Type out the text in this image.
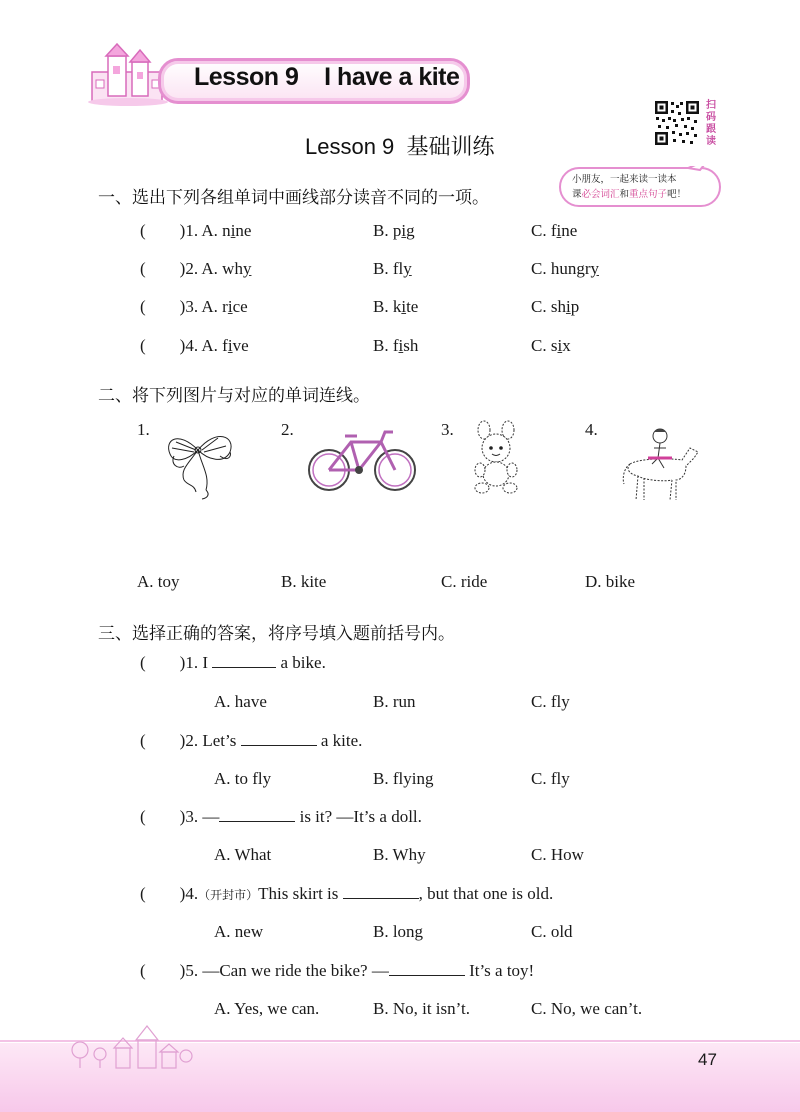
Lesson 9    I have a kite
Lesson 9  基础训练
扫码跟读
小朋友，一起来读一读本
课必会词汇和重点句子吧！
一、选出下列各组单词中画线部分读音不同的一项。
( )1. A. nine	B. pig	C. fine
( )2. A. why	B. fly	C. hungry
( )3. A. rice	B. kite	C. ship
( )4. A. five	B. fish	C. six
二、将下列图片与对应的单词连线。
1.	2.	3.	4.
A. toy	B. kite	C. ride	D. bike
三、选择正确的答案，将序号填入题前括号内。
( )1. I	a bike.
A. have	B. run	C. fly
( )2. Let’s	a kite.
A. to fly	B. flying	C. fly
( )3. —	is it? —It’s a doll.
A. What	B. Why	C. How
( )4.（开封市）This skirt is	, but that one is old.
A. new	B. long	C. old
( )5. —Can we ride the bike? —	It’s a toy!
A. Yes, we can.	B. No, it isn’t.	C. No, we can’t.
47
